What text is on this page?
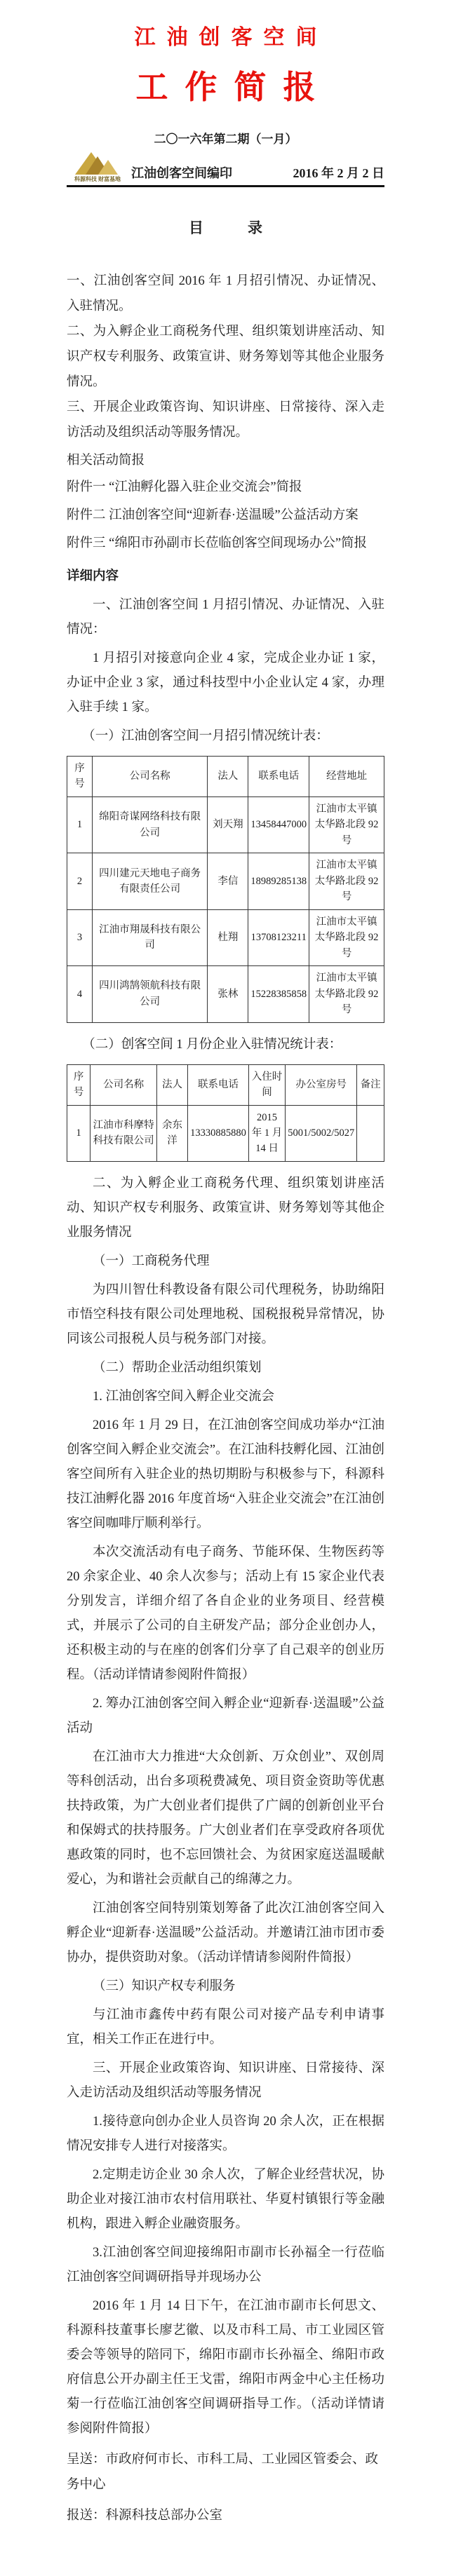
江油创客空间
工作简报
二〇一六年第二期（一月）
科源科技 财富基地 江油创客空间编印	2016 年 2 月 2 日
目　　　录

一、江油创客空间 2016 年 1 月招引情况、办证情况、入驻情况。

二、为入孵企业工商税务代理、组织策划讲座活动、知识产权专利服务、政策宣讲、财务筹划等其他企业服务情况。

三、开展企业政策咨询、知识讲座、日常接待、深入走访活动及组织活动等服务情况。

相关活动简报

附件一 “江油孵化器入驻企业交流会”简报

附件二 江油创客空间“迎新春·送温暖”公益活动方案

附件三 “绵阳市孙副市长莅临创客空间现场办公”简报

详细内容

一、江油创客空间 1 月招引情况、办证情况、入驻情况：

1 月招引对接意向企业 4 家，完成企业办证 1 家，办证中企业 3 家，通过科技型中小企业认定 4 家，办理入驻手续 1 家。

（一）江油创客空间一月招引情况统计表：

序号	公司名称	法人	联系电话	经营地址
1	绵阳奇谋网络科技有限公司	刘天翔	13458447000	江油市太平镇太华路北段 92 号
2	四川建元天地电子商务有限责任公司	李信	18989285138	江油市太平镇太华路北段 92 号
3	江油市翔晟科技有限公司	杜翔	13708123211	江油市太平镇太华路北段 92 号
4	四川鸿鹄领航科技有限公司	张林	15228385858	江油市太平镇太华路北段 92 号

（二）创客空间 1 月份企业入驻情况统计表：

序号	公司名称	法人	联系电话	入住时间	办公室房号	备注
1	江油市科摩特科技有限公司	余东洋	13330885880	2015 年 1 月 14 日	5001/5002/5027	

二、为入孵企业工商税务代理、组织策划讲座活动、知识产权专利服务、政策宣讲、财务筹划等其他企业服务情况

（一）工商税务代理

为四川智仕科教设备有限公司代理税务，协助绵阳市悟空科技有限公司处理地税、国税报税异常情况，协同该公司报税人员与税务部门对接。

（二）帮助企业活动组织策划

1. 江油创客空间入孵企业交流会

2016 年 1 月 29 日，在江油创客空间成功举办“江油创客空间入孵企业交流会”。在江油科技孵化园、江油创客空间所有入驻企业的热切期盼与积极参与下，科源科技江油孵化器 2016 年度首场“入驻企业交流会”在江油创客空间咖啡厅顺利举行。

本次交流活动有电子商务、节能环保、生物医药等 20 余家企业、40 余人次参与；活动上有 15 家企业代表分别发言，详细介绍了各自企业的业务项目、经营模式，并展示了公司的自主研发产品；部分企业创办人，还积极主动的与在座的创客们分享了自己艰辛的创业历程。（活动详情请参阅附件简报）

2. 筹办江油创客空间入孵企业“迎新春·送温暖”公益活动

在江油市大力推进“大众创新、万众创业”、双创周等科创活动，出台多项税费减免、项目资金资助等优惠扶持政策，为广大创业者们提供了广阔的创新创业平台和保姆式的扶持服务。广大创业者们在享受政府各项优惠政策的同时，也不忘回馈社会、为贫困家庭送温暖献爱心，为和谐社会贡献自己的绵薄之力。

江油创客空间特别策划筹备了此次江油创客空间入孵企业“迎新春·送温暖”公益活动。并邀请江油市团市委协办，提供资助对象。（活动详情请参阅附件简报）

（三）知识产权专利服务

与江油市鑫传中药有限公司对接产品专利申请事宜，相关工作正在进行中。

三、开展企业政策咨询、知识讲座、日常接待、深入走访活动及组织活动等服务情况

1.接待意向创办企业人员咨询 20 余人次，正在根据情况安排专人进行对接落实。

2.定期走访企业 30 余人次，了解企业经营状况，协助企业对接江油市农村信用联社、华夏村镇银行等金融机构，跟进入孵企业融资服务。

3.江油创客空间迎接绵阳市副市长孙福全一行莅临江油创客空间调研指导并现场办公

2016 年 1 月 14 日下午，在江油市副市长何思文、科源科技董事长廖艺徽、以及市科工局、市工业园区管委会等领导的陪同下，绵阳市副市长孙福全、绵阳市政府信息公开办副主任王戈雷，绵阳市两金中心主任杨功菊一行莅临江油创客空间调研指导工作。（活动详情请参阅附件简报）

呈送：市政府何市长、市科工局、工业园区管委会、政务中心

报送：科源科技总部办公室
